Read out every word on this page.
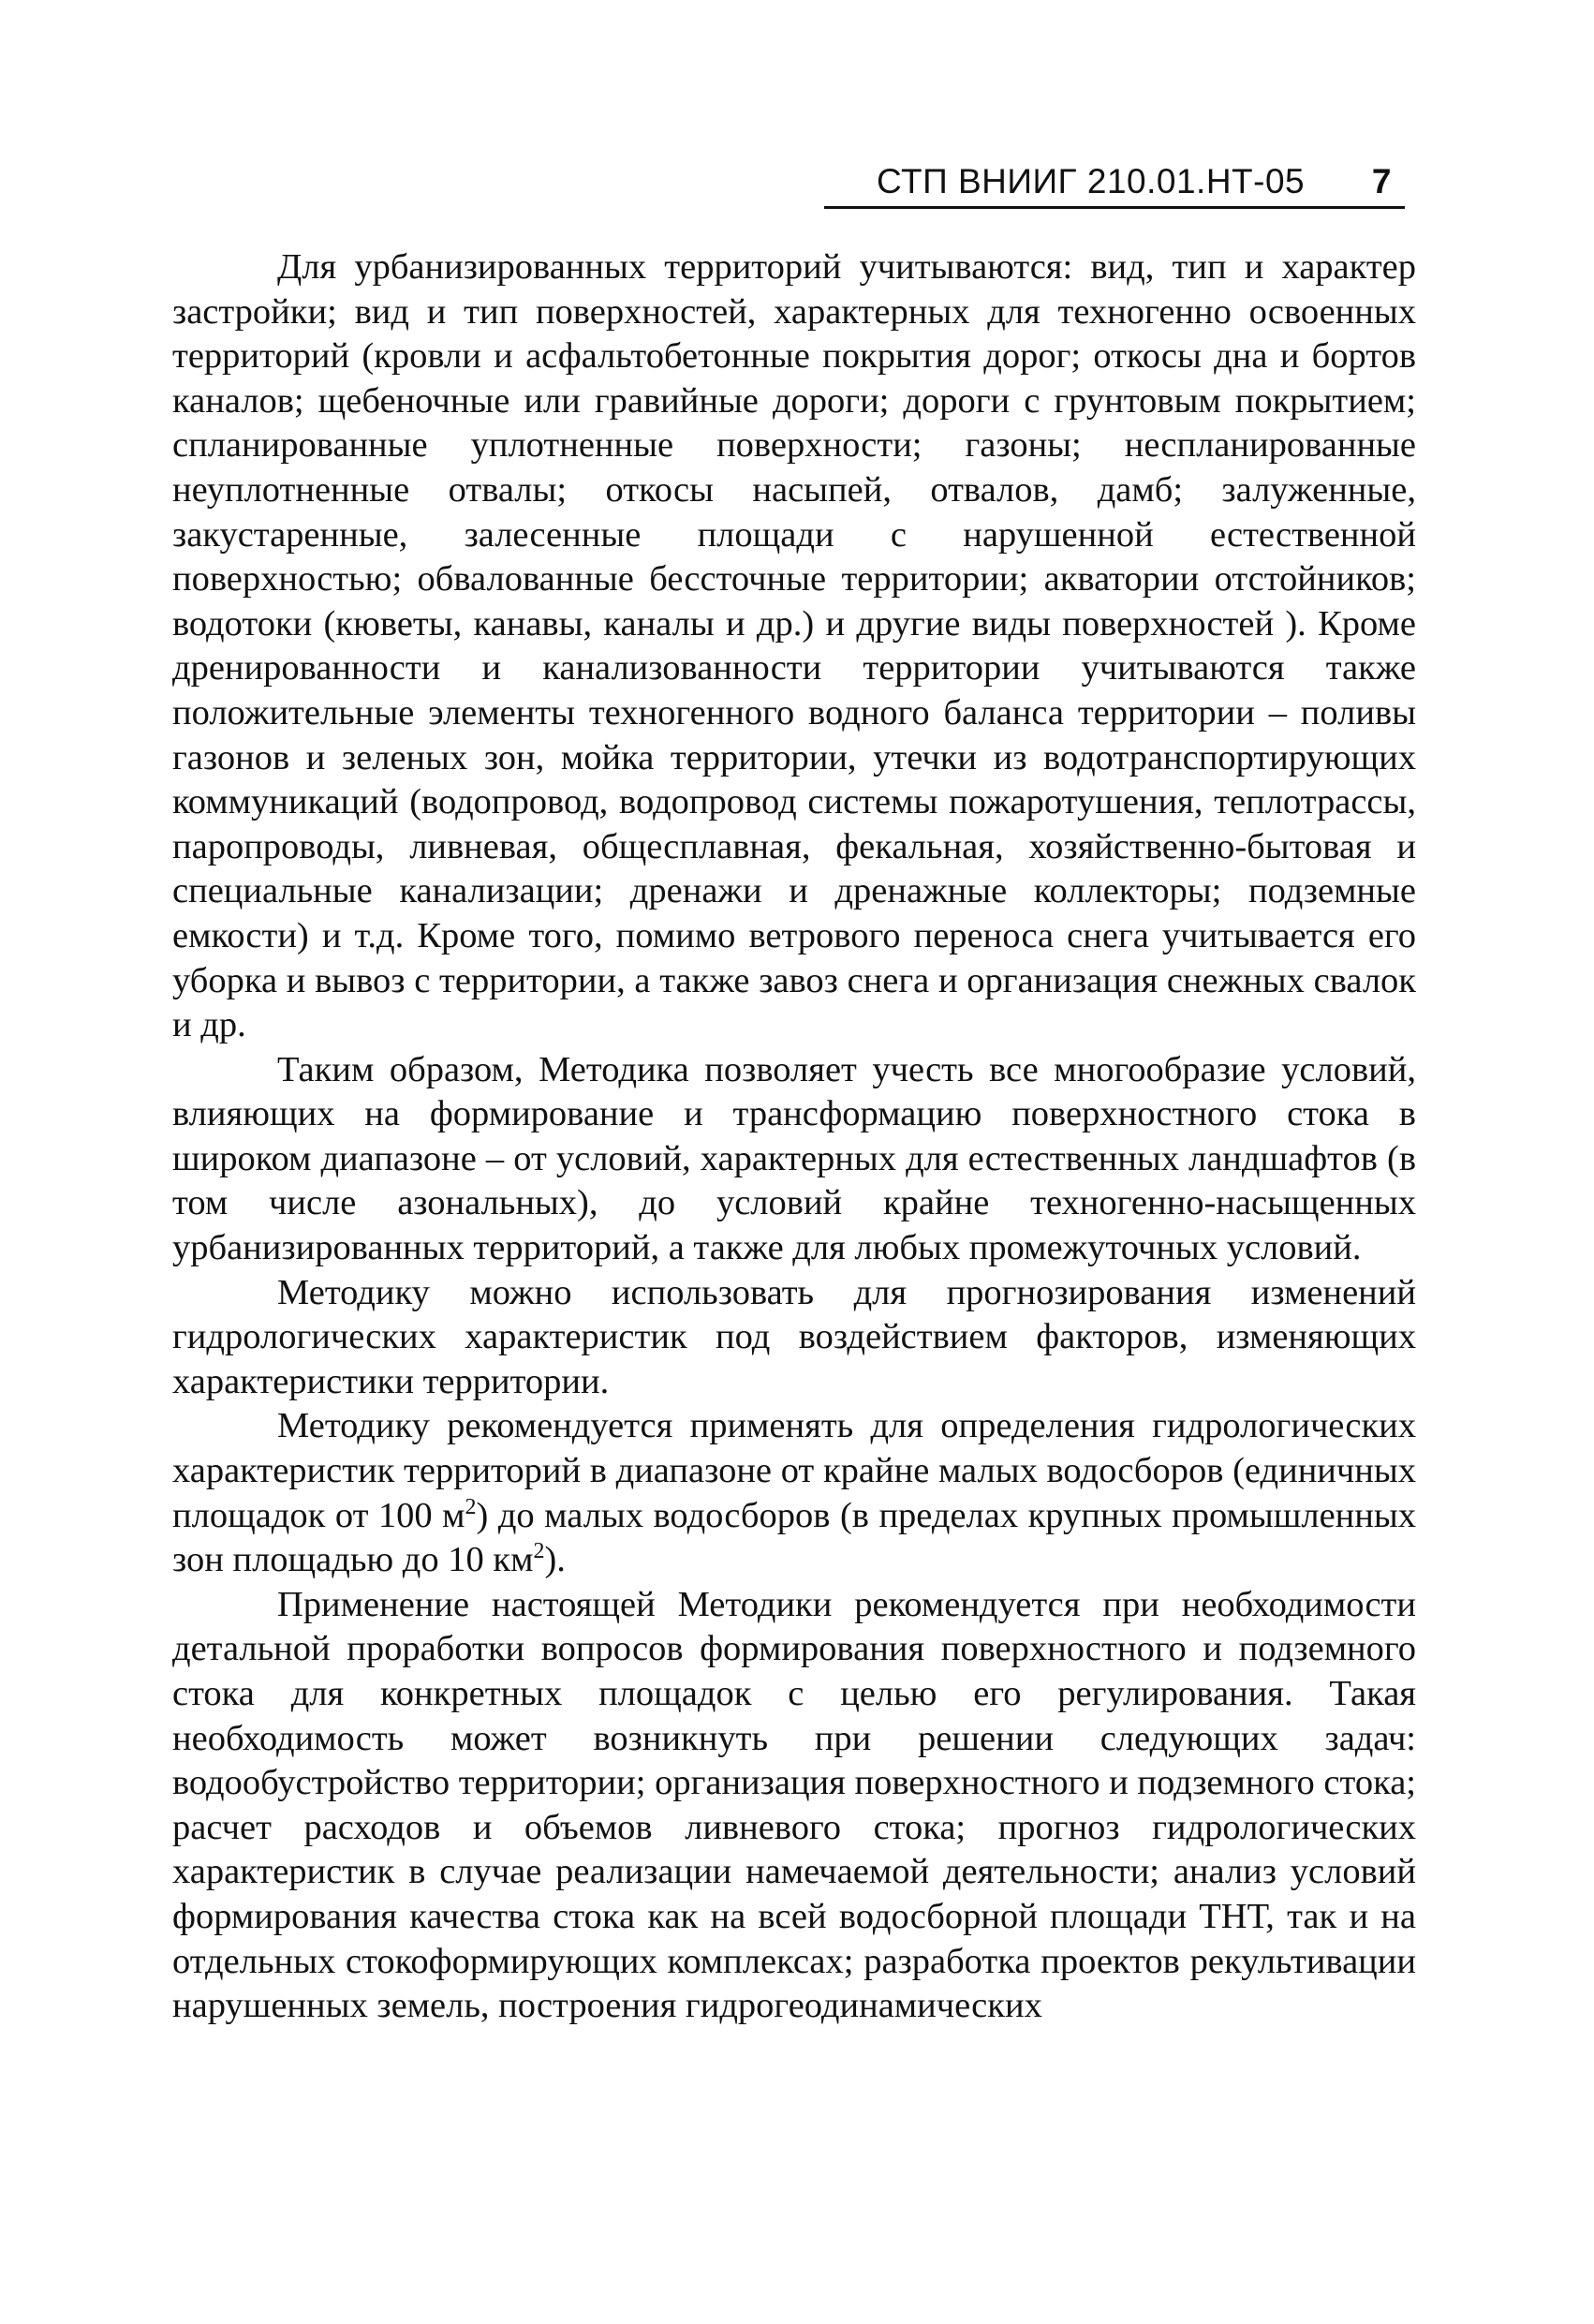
СТП ВНИИГ 210.01.НТ-05 7

Для урбанизированных территорий учитываются: вид, тип и характер застройки; вид и тип поверхностей, характерных для техногенно освоенных территорий (кровли и асфальтобетонные покрытия дорог; откосы дна и бортов каналов; щебеночные или гравийные дороги; дороги с грунтовым покрытием; спланированные уплотненные поверхности; газоны; неспланированные неуплотненные отвалы; откосы насыпей, отвалов, дамб; залуженные, закустаренные, залесенные площади с нарушенной естественной поверхностью; обвалованные бессточные территории; акватории отстойников; водотоки (кюветы, канавы, каналы и др.) и другие виды поверхностей ). Кроме дренированности и канализованности территории учитываются также положительные элементы техногенного водного баланса территории – поливы газонов и зеленых зон, мойка территории, утечки из водотранспортирующих коммуникаций (водопровод, водопровод системы пожаротушения, теплотрассы, паропроводы, ливневая, общесплавная, фекальная, хозяйственно-бытовая и специальные канализации; дренажи и дренажные коллекторы; подземные емкости) и т.д. Кроме того, помимо ветрового переноса снега учитывается его уборка и вывоз с территории, а также завоз снега и организация снежных свалок и др.

Таким образом, Методика позволяет учесть все многообразие условий, влияющих на формирование и трансформацию поверхностного стока в широком диапазоне – от условий, характерных для естественных ландшафтов (в том числе азональных), до условий крайне техногенно-насыщенных урбанизированных территорий, а также для любых промежуточных условий.

Методику можно использовать для прогнозирования изменений гидрологических характеристик под воздействием факторов, изменяющих характеристики территории.

Методику рекомендуется применять для определения гидрологических характеристик территорий в диапазоне от крайне малых водосборов (единичных площадок от 100 $м^2$) до малых водосборов (в пределах крупных промышленных зон площадью до 10 $км^2$).

Применение настоящей Методики рекомендуется при необходимости детальной проработки вопросов формирования поверхностного и подземного стока для конкретных площадок с целью его регулирования. Такая необходимость может возникнуть при решении следующих задач: водообустройство территории; организация поверхностного и подземного стока; расчет расходов и объемов ливневого стока; прогноз гидрологических характеристик в случае реализации намечаемой деятельности; анализ условий формирования качества стока как на всей водосборной площади ТНТ, так и на отдельных стокоформирующих комплексах; разработка проектов рекультивации нарушенных земель, построения гидрогеодинамических
